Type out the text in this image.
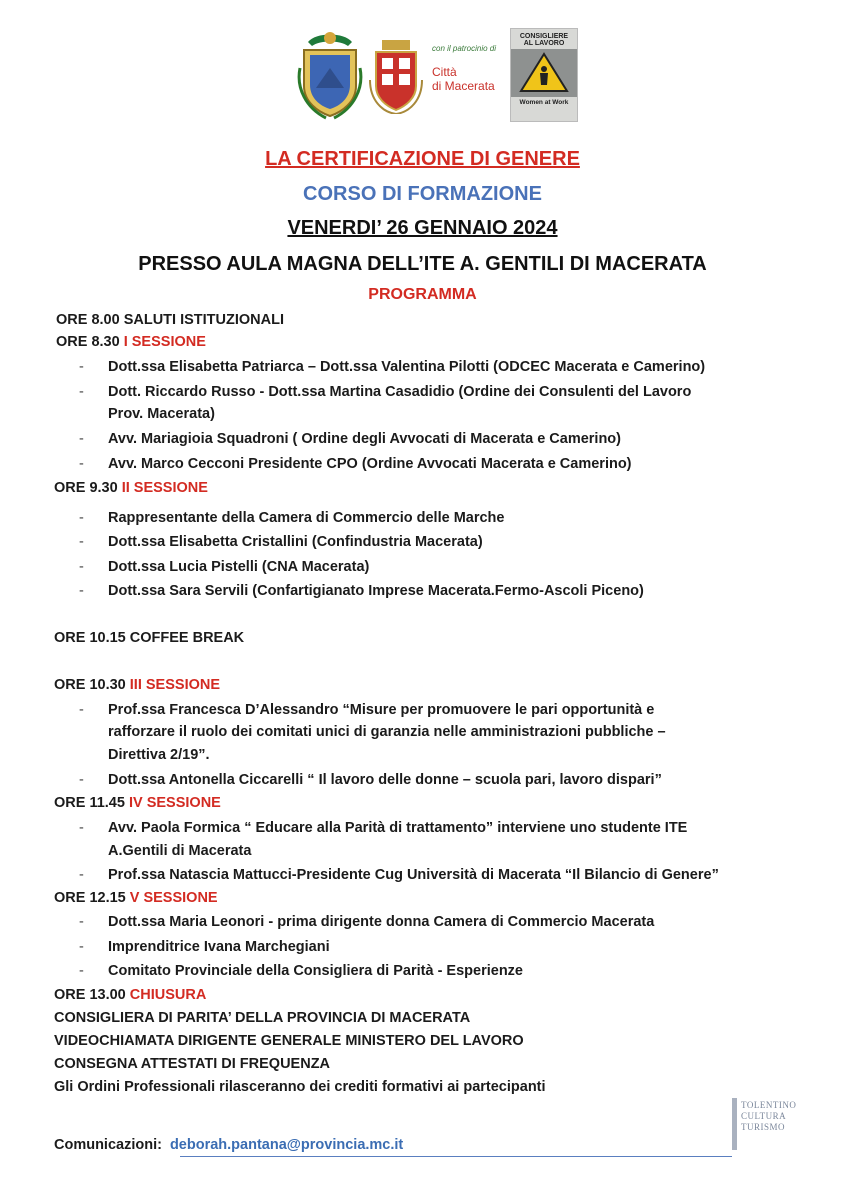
con il patrocinio di
Città
di Macerata
CONSIGLIERE
AL LAVORO
Women at Work
LA CERTIFICAZIONE DI GENERE
CORSO DI FORMAZIONE
VENERDI’ 26 GENNAIO 2024
PRESSO AULA MAGNA DELL’ITE A. GENTILI DI MACERATA
PROGRAMMA
ORE 8.00 SALUTI ISTITUZIONALI
ORE 8.30 I SESSIONE
- Dott.ssa Elisabetta Patriarca – Dott.ssa Valentina Pilotti (ODCEC Macerata e Camerino)
- Dott. Riccardo Russo - Dott.ssa Martina Casadidio (Ordine dei Consulenti del Lavoro
Prov. Macerata)
- Avv. Mariagioia Squadroni ( Ordine degli Avvocati di Macerata e Camerino)
- Avv. Marco Cecconi Presidente CPO (Ordine Avvocati Macerata e Camerino)
ORE 9.30 II SESSIONE
- Rappresentante della Camera di Commercio delle Marche
- Dott.ssa Elisabetta Cristallini (Confindustria Macerata)
- Dott.ssa Lucia Pistelli (CNA Macerata)
- Dott.ssa Sara Servili (Confartigianato Imprese Macerata.Fermo-Ascoli Piceno)
ORE 10.15 COFFEE BREAK
ORE 10.30 III SESSIONE
- Prof.ssa Francesca D’Alessandro “Misure per promuovere le pari opportunità e
rafforzare il ruolo dei comitati unici di garanzia nelle amministrazioni pubbliche –
Direttiva 2/19”.
- Dott.ssa Antonella Ciccarelli “ Il lavoro delle donne – scuola pari, lavoro dispari”
ORE 11.45 IV SESSIONE
- Avv. Paola Formica “ Educare alla Parità di trattamento” interviene uno studente ITE
A.Gentili di Macerata
- Prof.ssa Natascia Mattucci-Presidente Cug Università di Macerata “Il Bilancio di Genere”
ORE 12.15 V SESSIONE
- Dott.ssa Maria Leonori - prima dirigente donna Camera di Commercio Macerata
- Imprenditrice Ivana Marchegiani
- Comitato Provinciale della Consigliera di Parità - Esperienze
ORE 13.00 CHIUSURA
CONSIGLIERA DI PARITA’ DELLA PROVINCIA DI MACERATA
VIDEOCHIAMATA DIRIGENTE GENERALE MINISTERO DEL LAVORO
CONSEGNA ATTESTATI DI FREQUENZA
Gli Ordini Professionali rilasceranno dei crediti formativi ai partecipanti
TOLENTINO CULTURA TURISMO
Comunicazioni: deborah.pantana@provincia.mc.it
